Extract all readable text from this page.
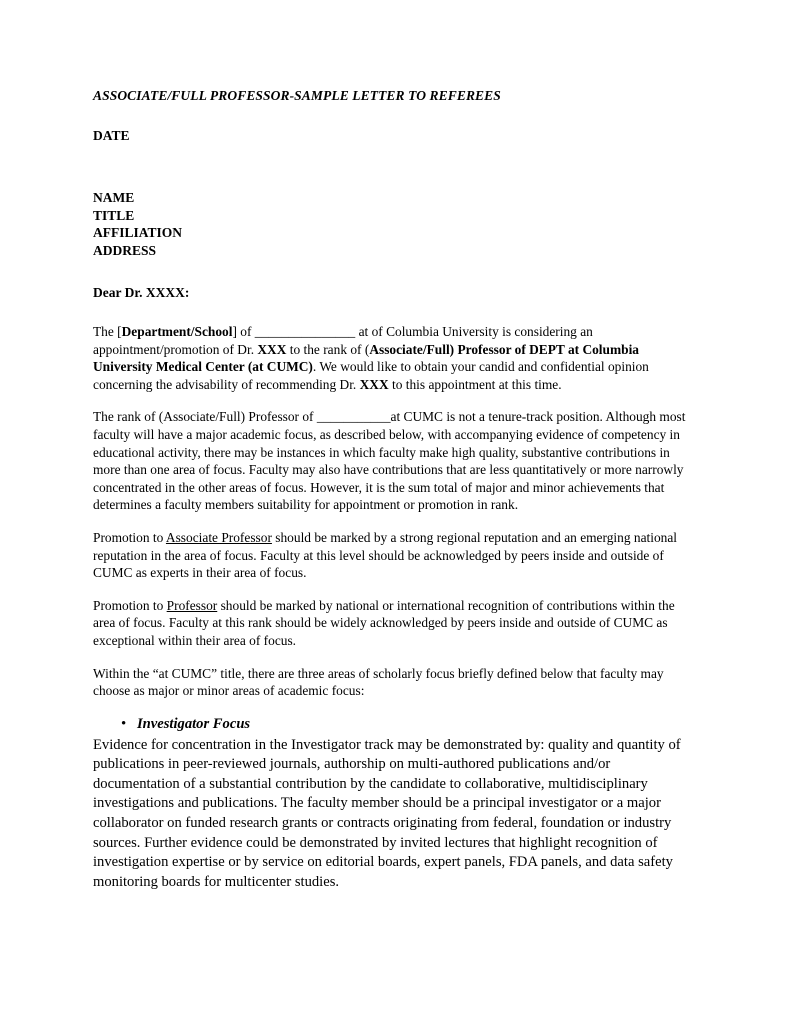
ASSOCIATE/FULL PROFESSOR-SAMPLE LETTER TO REFEREES
DATE
NAME
TITLE
AFFILIATION
ADDRESS
Dear Dr. XXXX:

The [Department/School] of _______________ at of Columbia University is considering an appointment/promotion of Dr. XXX to the rank of (Associate/Full) Professor of DEPT at Columbia University Medical Center (at CUMC). We would like to obtain your candid and confidential opinion concerning the advisability of recommending Dr. XXX to this appointment at this time.

The rank of (Associate/Full) Professor of ___________at CUMC is not a tenure-track position. Although most faculty will have a major academic focus, as described below, with accompanying evidence of competency in educational activity, there may be instances in which faculty make high quality, substantive contributions in more than one area of focus. Faculty may also have contributions that are less quantitatively or more narrowly concentrated in the other areas of focus. However, it is the sum total of major and minor achievements that determines a faculty members suitability for appointment or promotion in rank.

Promotion to Associate Professor should be marked by a strong regional reputation and an emerging national reputation in the area of focus. Faculty at this level should be acknowledged by peers inside and outside of CUMC as experts in their area of focus.

Promotion to Professor should be marked by national or international recognition of contributions within the area of focus. Faculty at this rank should be widely acknowledged by peers inside and outside of CUMC as exceptional within their area of focus.

Within the “at CUMC” title, there are three areas of scholarly focus briefly defined below that faculty may choose as major or minor areas of academic focus:

• Investigator Focus

Evidence for concentration in the Investigator track may be demonstrated by: quality and quantity of publications in peer-reviewed journals, authorship on multi-authored publications and/or documentation of a substantial contribution by the candidate to collaborative, multidisciplinary investigations and publications. The faculty member should be a principal investigator or a major collaborator on funded research grants or contracts originating from federal, foundation or industry sources. Further evidence could be demonstrated by invited lectures that highlight recognition of investigation expertise or by service on editorial boards, expert panels, FDA panels, and data safety monitoring boards for multicenter studies.
